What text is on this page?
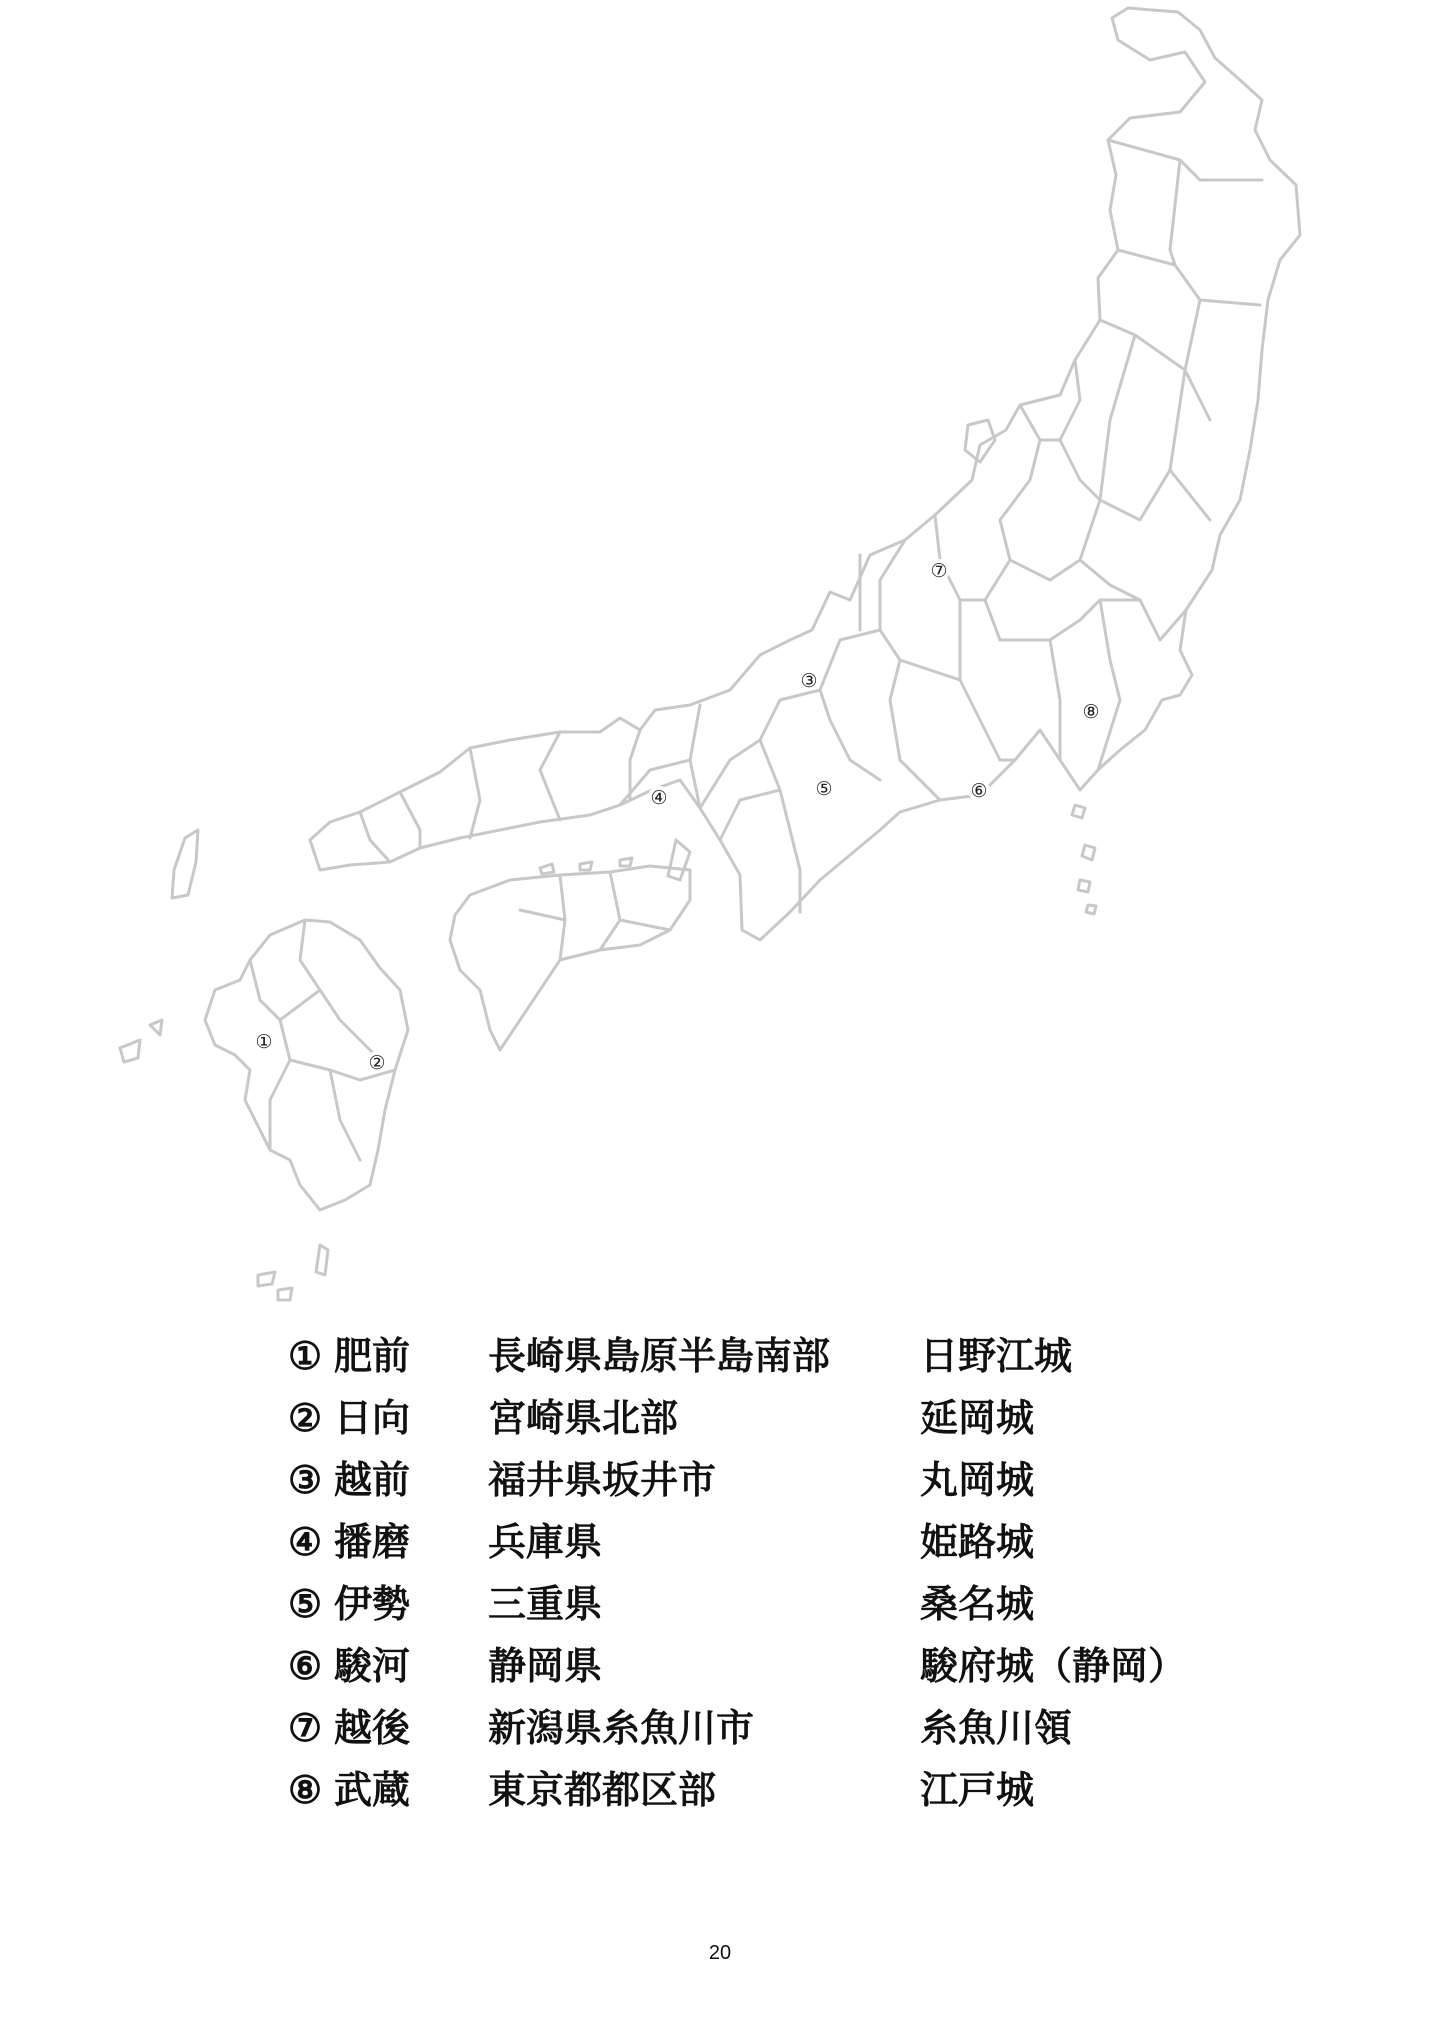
①
②
③
④	⑤	⑥
⑦
⑧
① 肥前 長崎県島原半島南部 日野江城
② 日向 宮崎県北部	延岡城
③ 越前 福井県坂井市	丸岡城
④ 播磨 兵庫県	姫路城
⑤ 伊勢 三重県	桑名城
⑥ 駿河 静岡県	駿府城（静岡）
⑦ 越後 新潟県糸魚川市	糸魚川領
⑧ 武蔵 東京都都区部	江戸城
20
